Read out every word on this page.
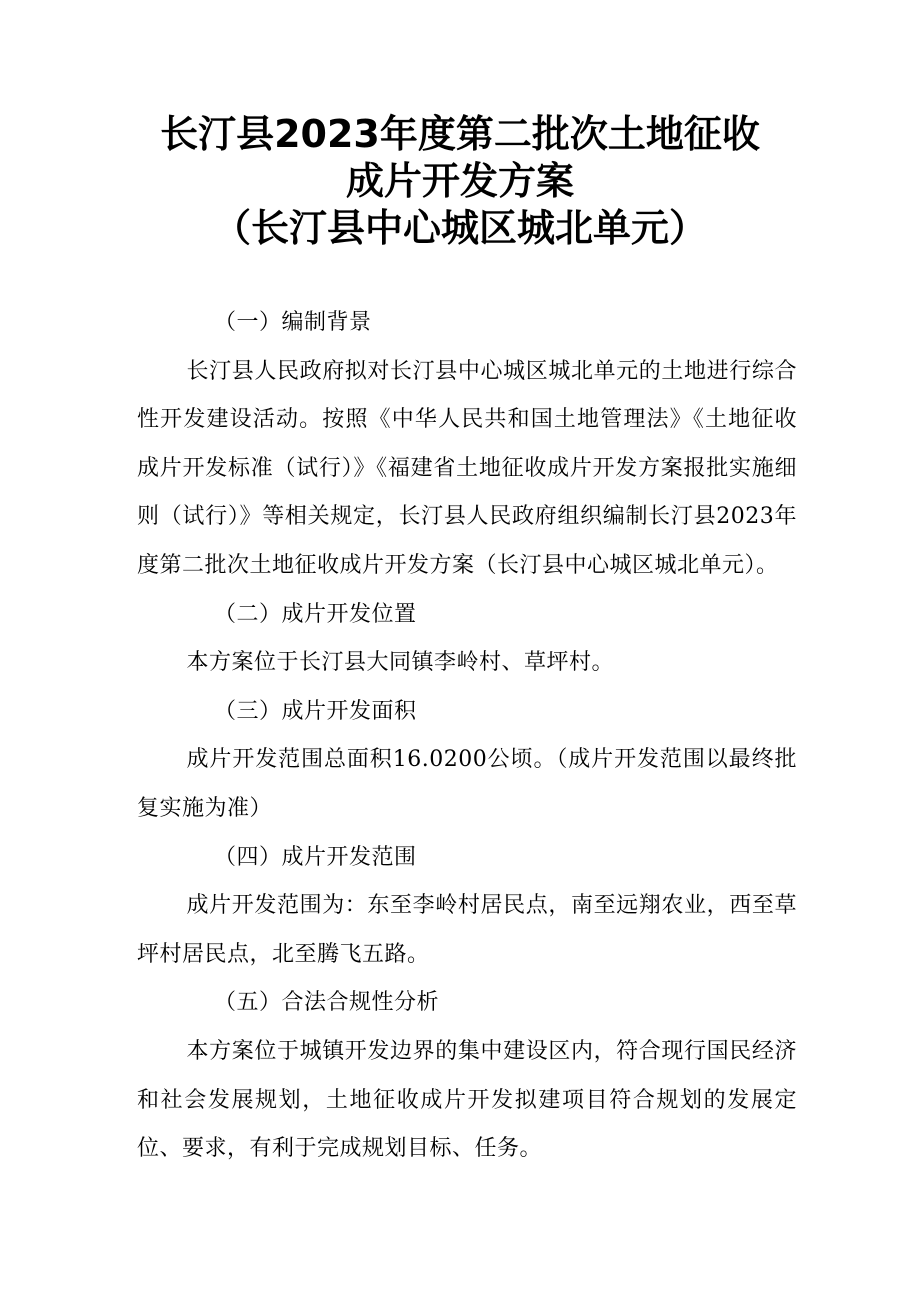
长汀县2023年度第二批次土地征收
成片开发方案
（长汀县中心城区城北单元）

（一）编制背景

长汀县人民政府拟对长汀县中心城区城北单元的土地进行综合性开发建设活动。按照《中华人民共和国土地管理法》《土地征收成片开发标准（试行）》《福建省土地征收成片开发方案报批实施细则（试行）》等相关规定，长汀县人民政府组织编制长汀县2023年度第二批次土地征收成片开发方案（长汀县中心城区城北单元）。

（二）成片开发位置

本方案位于长汀县大同镇李岭村、草坪村。

（三）成片开发面积

成片开发范围总面积16.0200公顷。（成片开发范围以最终批复实施为准）

（四）成片开发范围

成片开发范围为：东至李岭村居民点，南至远翔农业，西至草坪村居民点，北至腾飞五路。

（五）合法合规性分析

本方案位于城镇开发边界的集中建设区内，符合现行国民经济和社会发展规划，土地征收成片开发拟建项目符合规划的发展定位、要求，有利于完成规划目标、任务。
